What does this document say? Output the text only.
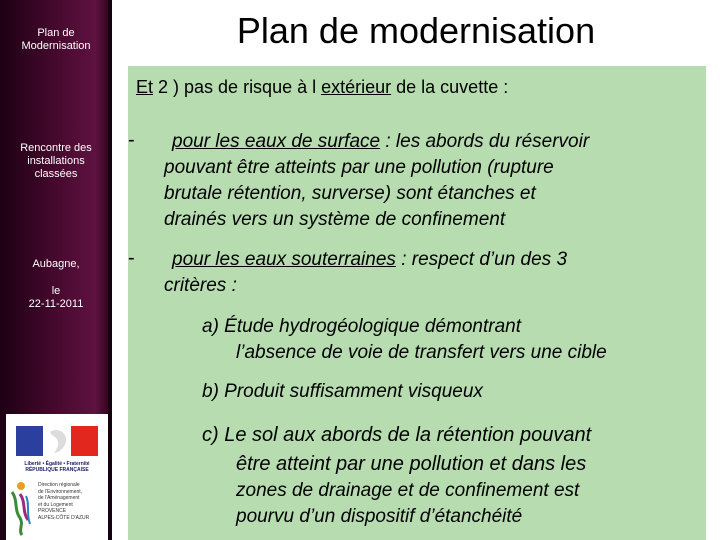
Plan de
Modernisation
Rencontre des
installations
classées
Aubagne,
le
22-11-2011
Liberté • Égalité • Fraternité
RÉPUBLIQUE FRANÇAISE
Direction régionale
de l'Environnement,
de l'Aménagement
et du Logement
PROVENCE
ALPES-CÔTE D'AZUR
Plan de modernisation
Et 2 ) pas de risque à l extérieur de la cuvette :
- pour les eaux de surface : les abords du réservoir
pouvant être atteints par une pollution (rupture
brutale rétention, surverse) sont étanches et
drainés vers un système de confinement
- pour les eaux souterraines : respect d’un des 3
critères :
a) Étude hydrogéologique démontrant
l’absence de voie de transfert vers une cible
b) Produit suffisamment visqueux
c) Le sol aux abords de la rétention pouvant
être atteint par une pollution et dans les
zones de drainage et de confinement est
pourvu d’un dispositif d’étanchéité
